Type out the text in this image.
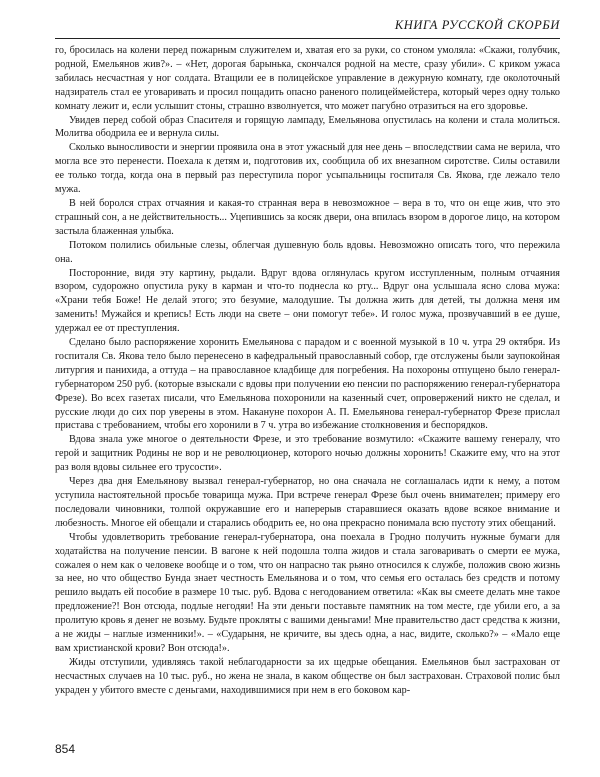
КНИГА РУССКОЙ СКОРБИ

го, бросилась на колени перед пожарным служителем и, хватая его за руки, со стоном умоляла: «Скажи, голубчик, родной, Емельянов жив?». – «Нет, дорогая барынька, скончался родной на месте, сразу убили». С криком ужаса забилась несчастная у ног солдата. Втащили ее в полицейское управление в дежурную комнату, где околоточный надзиратель стал ее уговаривать и просил пощадить опасно раненого полицеймейстера, который через одну только комнату лежит и, если услышит стоны, страшно взволнуется, что может пагубно отразиться на его здоровье.

Увидев перед собой образ Спасителя и горящую лампаду, Емельянова опустилась на колени и стала молиться. Молитва ободрила ее и вернула силы.

Сколько выносливости и энергии проявила она в этот ужасный для нее день – впоследствии сама не верила, что могла все это перенести. Поехала к детям и, подготовив их, сообщила об их внезапном сиротстве. Силы оставили ее только тогда, когда она в первый раз переступила порог усыпальницы госпиталя Св. Якова, где лежало тело мужа.

В ней боролся страх отчаяния и какая-то странная вера в невозможное – вера в то, что он еще жив, что это страшный сон, а не действительность... Уцепившись за косяк двери, она впилась взором в дорогое лицо, на котором застыла блаженная улыбка.

Потоком полились обильные слезы, облегчая душевную боль вдовы. Невозможно описать того, что пережила она.

Посторонние, видя эту картину, рыдали. Вдруг вдова оглянулась кругом исступленным, полным отчаяния взором, судорожно опустила руку в карман и что-то поднесла ко рту... Вдруг она услышала ясно слова мужа: «Храни тебя Боже! Не делай этого; это безумие, малодушие. Ты должна жить для детей, ты должна меня им заменить! Мужайся и крепись! Есть люди на свете – они помогут тебе». И голос мужа, прозвучавший в ее душе, удержал ее от преступления.

Сделано было распоряжение хоронить Емельянова с парадом и с военной музыкой в 10 ч. утра 29 октября. Из госпиталя Св. Якова тело было перенесено в кафедральный православный собор, где отслужены были заупокойная литургия и панихида, а оттуда – на православное кладбище для погребения. На похороны отпущено было генерал-губернатором 250 руб. (которые взыскали с вдовы при получении ею пенсии по распоряжению генерал-губернатора Фрезе). Во всех газетах писали, что Емельянова похоронили на казенный счет, опровержений никто не сделал, и русские люди до сих пор уверены в этом. Накануне похорон А. П. Емельянова генерал-губернатор Фрезе прислал пристава с требованием, чтобы его хоронили в 7 ч. утра во избежание столкновения и беспорядков.

Вдова знала уже многое о деятельности Фрезе, и это требование возмутило: «Скажите вашему генералу, что герой и защитник Родины не вор и не революционер, которого ночью должны хоронить! Скажите ему, что на этот раз воля вдовы сильнее его трусости».

Через два дня Емельянову вызвал генерал-губернатор, но она сначала не соглашалась идти к нему, а потом уступила настоятельной просьбе товарища мужа. При встрече генерал Фрезе был очень внимателен; примеру его последовали чиновники, толпой окружавшие его и наперерыв старавшиеся оказать вдове всякое внимание и любезность. Многое ей обещали и старались ободрить ее, но она прекрасно понимала всю пустоту этих обещаний.

Чтобы удовлетворить требование генерал-губернатора, она поехала в Гродно получить нужные бумаги для ходатайства на получение пенсии. В вагоне к ней подошла толпа жидов и стала заговаривать о смерти ее мужа, сожалея о нем как о человеке вообще и о том, что он напрасно так рьяно относился к службе, положив свою жизнь за нее, но что общество Бунда знает честность Емельянова и о том, что семья его осталась без средств и потому решило выдать ей пособие в размере 10 тыс. руб. Вдова с негодованием ответила: «Как вы смеете делать мне такое предложение?! Вон отсюда, подлые негодяи! На эти деньги поставьте памятник на том месте, где убили его, а за пролитую кровь я денег не возьму. Будьте прокляты с вашими деньгами! Мне правительство даст средства к жизни, а не жиды – наглые изменники!». – «Сударыня, не кричите, вы здесь одна, а нас, видите, сколько?» – «Мало еще вам христианской крови? Вон отсюда!».

Жиды отступили, удивляясь такой неблагодарности за их щедрые обещания. Емельянов был застрахован от несчастных случаев на 10 тыс. руб., но жена не знала, в каком обществе он был застрахован. Страховой полис был украден у убитого вместе с деньгами, находившимися при нем в его боковом кар-

854
